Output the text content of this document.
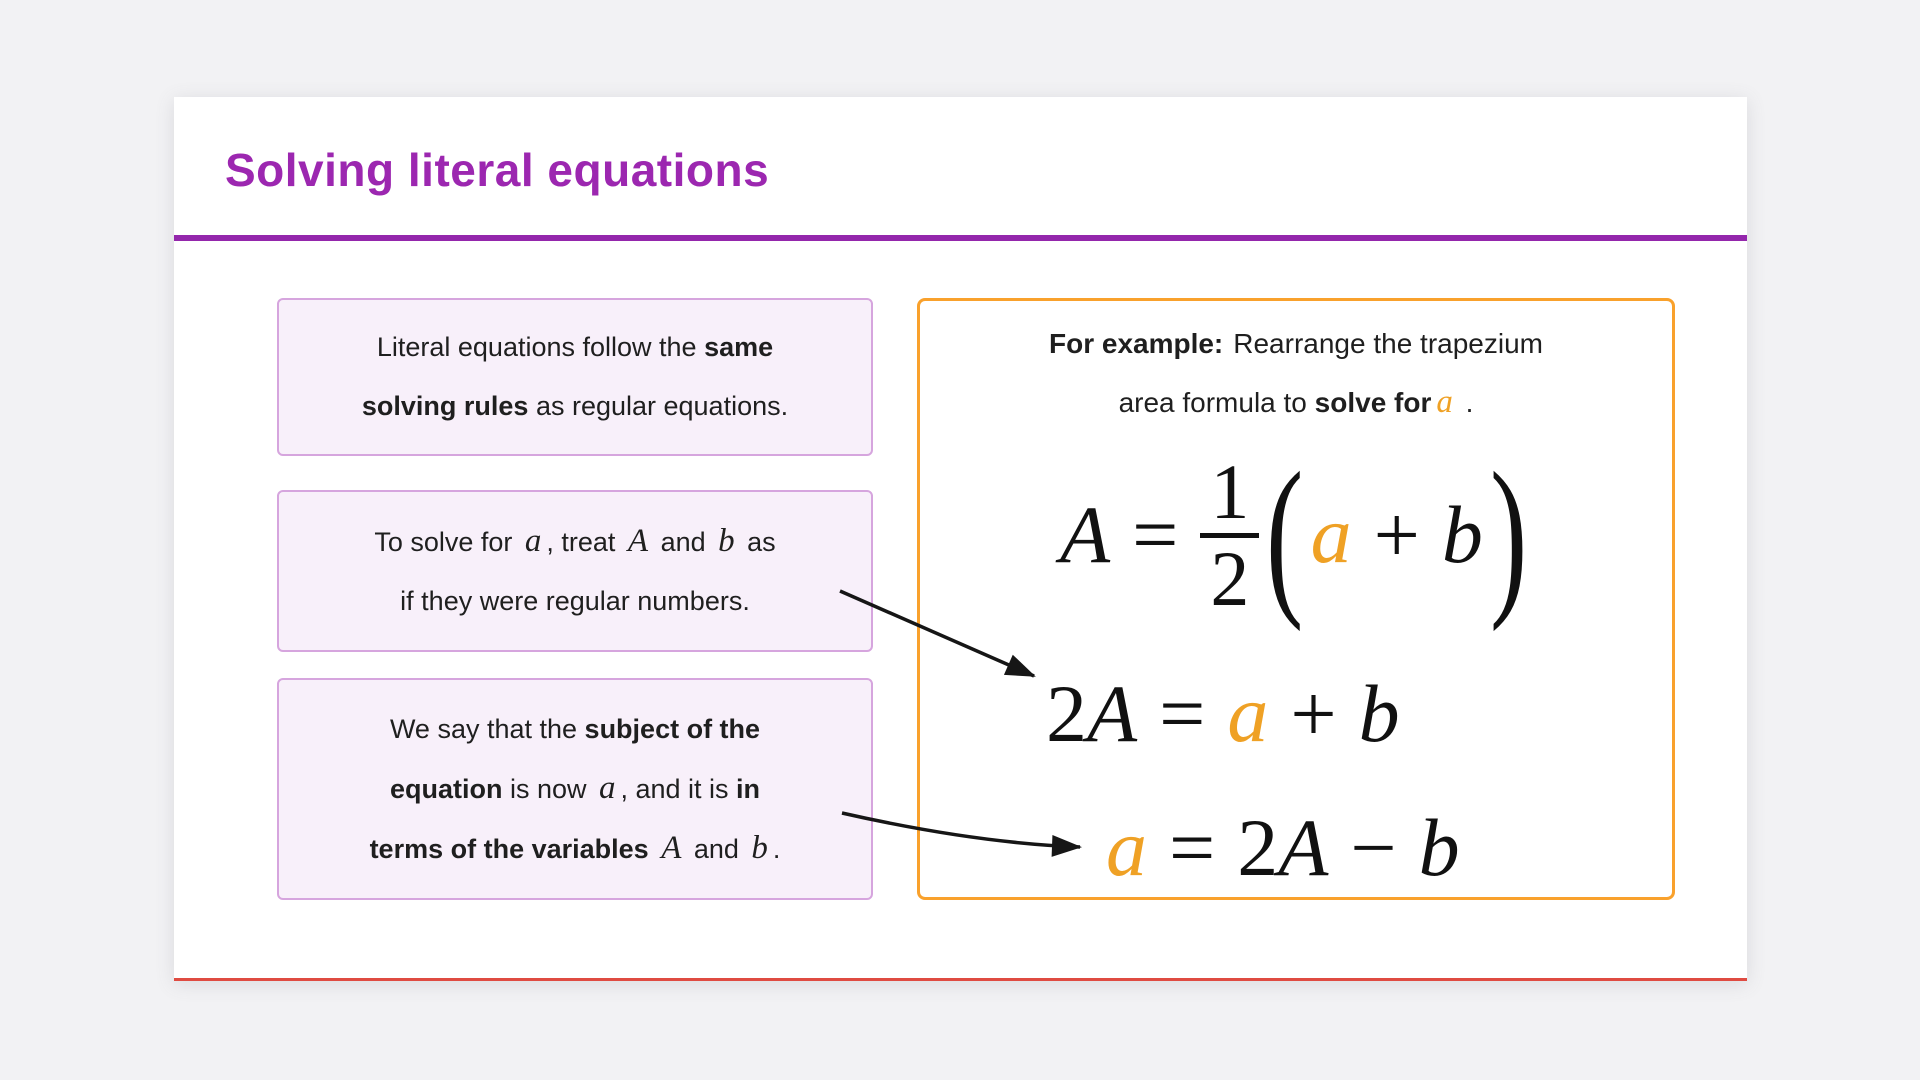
Solving literal equations

Literal equations follow the same

solving rules as regular equations.

To solve for a , treat A and b as

if they were regular numbers.

We say that the subject of the

equation is now a , and it is in

terms of the variables A and b .

For example: Rearrange the trapezium

area formula to solve for a .

$A = \frac{1}{2}$ ( a + b )
2 A = a + b
a = 2 A − b
